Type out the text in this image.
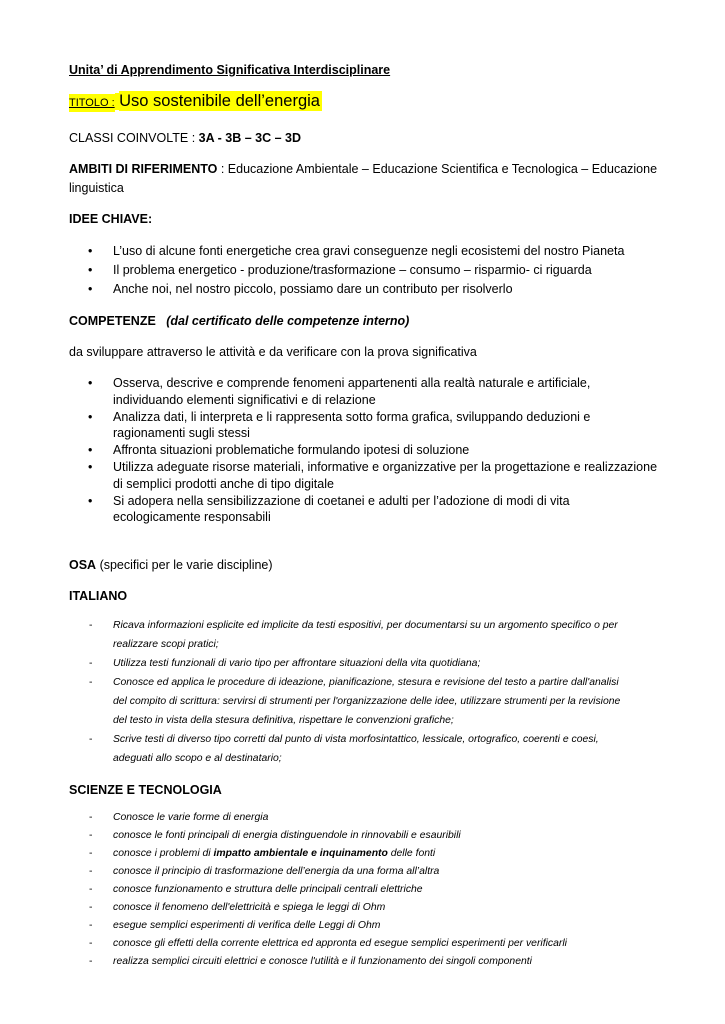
Unita’ di Apprendimento Significativa Interdisciplinare
TITOLO : Uso sostenibile dell’energia
CLASSI COINVOLTE : 3A - 3B – 3C – 3D
AMBITI DI RIFERIMENTO : Educazione Ambientale – Educazione Scientifica e Tecnologica – Educazione
linguistica
IDEE CHIAVE:
• L’uso di alcune fonti energetiche crea gravi conseguenze negli ecosistemi del nostro Pianeta
• Il problema energetico - produzione/trasformazione – consumo – risparmio- ci riguarda
• Anche noi, nel nostro piccolo, possiamo dare un contributo per risolverlo
COMPETENZE (dal certificato delle competenze interno)
da sviluppare attraverso le attività e da verificare con la prova significativa
• Osserva, descrive e comprende fenomeni appartenenti alla realtà naturale e artificiale,
individuando elementi significativi e di relazione
• Analizza dati, li interpreta e li rappresenta sotto forma grafica, sviluppando deduzioni e
ragionamenti sugli stessi
• Affronta situazioni problematiche formulando ipotesi di soluzione
• Utilizza adeguate risorse materiali, informative e organizzative per la progettazione e realizzazione
di semplici prodotti anche di tipo digitale
• Si adopera nella sensibilizzazione di coetanei e adulti per l’adozione di modi di vita
ecologicamente responsabili
OSA (specifici per le varie discipline)
ITALIANO
- Ricava informazioni esplicite ed implicite da testi espositivi, per documentarsi su un argomento specifico o per
realizzare scopi pratici;
- Utilizza testi funzionali di vario tipo per affrontare situazioni della vita quotidiana;
- Conosce ed applica le procedure di ideazione, pianificazione, stesura e revisione del testo a partire dall'analisi
del compito di scrittura: servirsi di strumenti per l'organizzazione delle idee, utilizzare strumenti per la revisione
del testo in vista della stesura definitiva, rispettare le convenzioni grafiche;
- Scrive testi di diverso tipo corretti dal punto di vista morfosintattico, lessicale, ortografico, coerenti e coesi,
adeguati allo scopo e al destinatario;
SCIENZE E TECNOLOGIA
- Conosce le varie forme di energia
- conosce le fonti principali di energia distinguendole in rinnovabili e esauribili
- conosce i problemi di impatto ambientale e inquinamento delle fonti
- conosce il principio di trasformazione dell’energia da una forma all’altra
- conosce funzionamento e struttura delle principali centrali elettriche
- conosce il fenomeno dell'elettricità e spiega le leggi di Ohm
- esegue semplici esperimenti di verifica delle Leggi di Ohm
- conosce gli effetti della corrente elettrica ed appronta ed esegue semplici esperimenti per verificarli
- realizza semplici circuiti elettrici e conosce l'utilità e il funzionamento dei singoli componenti
